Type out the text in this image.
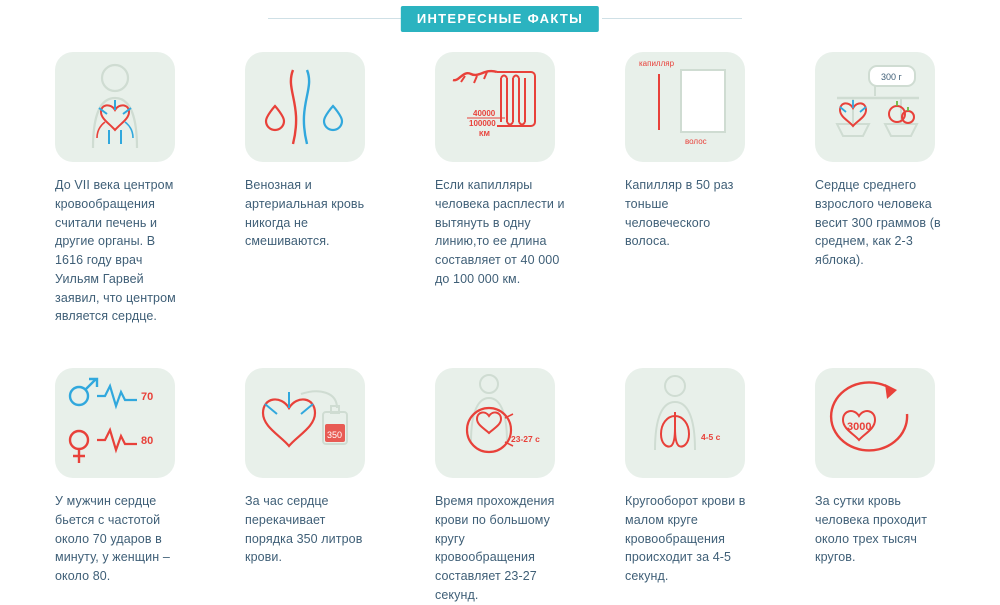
ИНТЕРЕСНЫЕ ФАКТЫ
До VII века центром кровообращения считали печень и другие органы. В 1616 году врач Уильям Гарвей заявил, что центром является сердце.
Венозная и артериальная кровь никогда не смешиваются.
40000
100000
КМ
Если капилляры человека расплести и вытянуть в одну линию,то ее длина составляет от 40 000 до 100 000 км.
капилляр
волос
Капилляр в 50 раз тоньше человеческого волоса.
300 г
Сердце среднего взрослого человека весит 300 граммов (в среднем, как 2-3 яблока).
70
80
У мужчин сердце бьется с частотой около 70 ударов в минуту, у женщин – около 80.
350
За час сердце перекачивает порядка 350 литров крови.
23-27 с
Время прохождения крови по большому кругу кровообращения составляет 23-27 секунд.
4-5 с
Кругооборот крови в малом круге кровообращения происходит за 4-5 секунд.
3000
За сутки кровь человека проходит около трех тысяч кругов.
